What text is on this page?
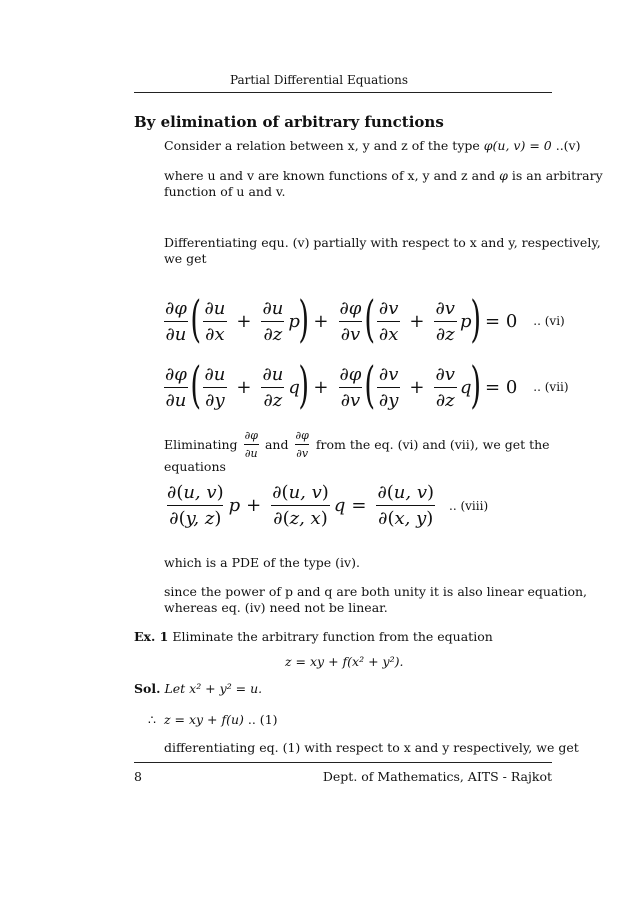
Partial Differential Equations
By elimination of arbitrary functions
Consider a relation between x, y and z of the type φ(u, v) = 0 ..(v)
where u and v are known functions of x, y and z and φ is an arbitrary
function of u and v.
Differentiating equ. (v) partially with respect to x and y, respectively,
we get
∂φ
∂u ( ∂u
∂x
+ $\frac{\partial u}{\partial z}$ p
) + $\frac{\partial\varphi}{\partial v}$ ( ∂v
∂x
+ $\frac{\partial v}{\partial z}$ p
) = 0 .. (vi)
∂φ
∂u ( ∂u
∂y
+ $\frac{\partial u}{\partial z}$ q
) + $\frac{\partial\varphi}{\partial v}$ ( ∂v
∂y
+ $\frac{\partial v}{\partial z}$ q
) = 0 .. (vii)
Eliminating
∂φ
∂u
and
∂φ
∂v
from the eq. (vi) and (vii), we get the
equations
∂(u, v)
∂(y, z)
$p + \frac{\partial(u, v)}{\partial(z, x)}$ $q = \frac{\partial(u, v)}{\partial(x, y)}$ .. (viii)
which is a PDE of the type (iv).
since the power of p and q are both unity it is also linear equation,
whereas eq. (iv) need not be linear.
Ex. 1 Eliminate the arbitrary function from the equation
z = xy + f(x² + y²).
Sol. Let x² + y² = u.
∴ z = xy + f(u) .. (1)
differentiating eq. (1) with respect to x and y respectively, we get
8	Dept. of Mathematics, AITS - Rajkot
